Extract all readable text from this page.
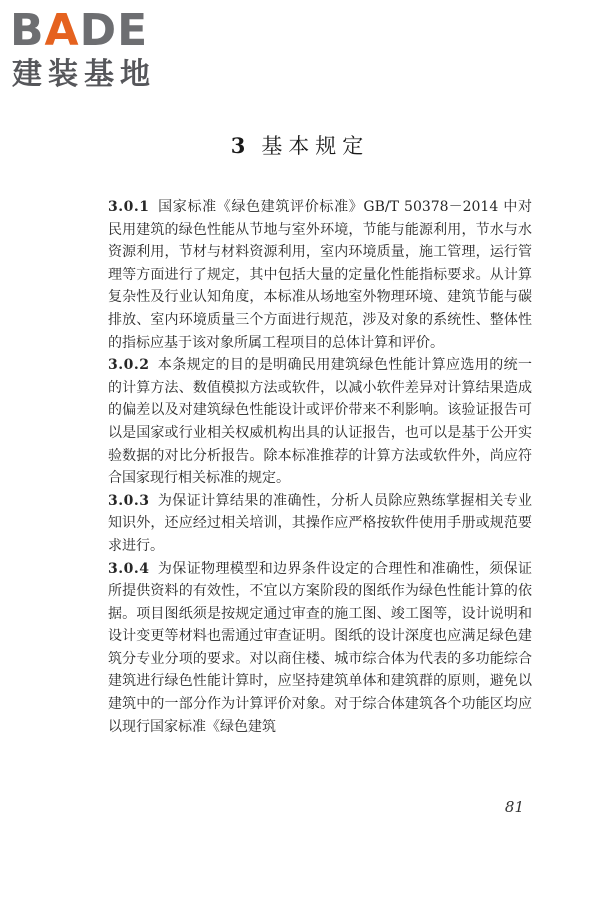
BADE
建装基地
3 基本规定

3.0.1 国家标准《绿色建筑评价标准》GB/T 50378－2014 中对民用建筑的绿色性能从节地与室外环境，节能与能源利用，节水与水资源利用，节材与材料资源利用，室内环境质量，施工管理，运行管理等方面进行了规定，其中包括大量的定量化性能指标要求。从计算复杂性及行业认知角度，本标准从场地室外物理环境、建筑节能与碳排放、室内环境质量三个方面进行规范，涉及对象的系统性、整体性的指标应基于该对象所属工程项目的总体计算和评价。

3.0.2 本条规定的目的是明确民用建筑绿色性能计算应选用的统一的计算方法、数值模拟方法或软件，以减小软件差异对计算结果造成的偏差以及对建筑绿色性能设计或评价带来不利影响。该验证报告可以是国家或行业相关权威机构出具的认证报告，也可以是基于公开实验数据的对比分析报告。除本标准推荐的计算方法或软件外，尚应符合国家现行相关标准的规定。

3.0.3 为保证计算结果的准确性，分析人员除应熟练掌握相关专业知识外，还应经过相关培训，其操作应严格按软件使用手册或规范要求进行。

3.0.4 为保证物理模型和边界条件设定的合理性和准确性，须保证所提供资料的有效性，不宜以方案阶段的图纸作为绿色性能计算的依据。项目图纸须是按规定通过审查的施工图、竣工图等，设计说明和设计变更等材料也需通过审查证明。图纸的设计深度也应满足绿色建筑分专业分项的要求。对以商住楼、城市综合体为代表的多功能综合建筑进行绿色性能计算时，应坚持建筑单体和建筑群的原则，避免以建筑中的一部分作为计算评价对象。对于综合体建筑各个功能区均应以现行国家标准《绿色建筑

81
